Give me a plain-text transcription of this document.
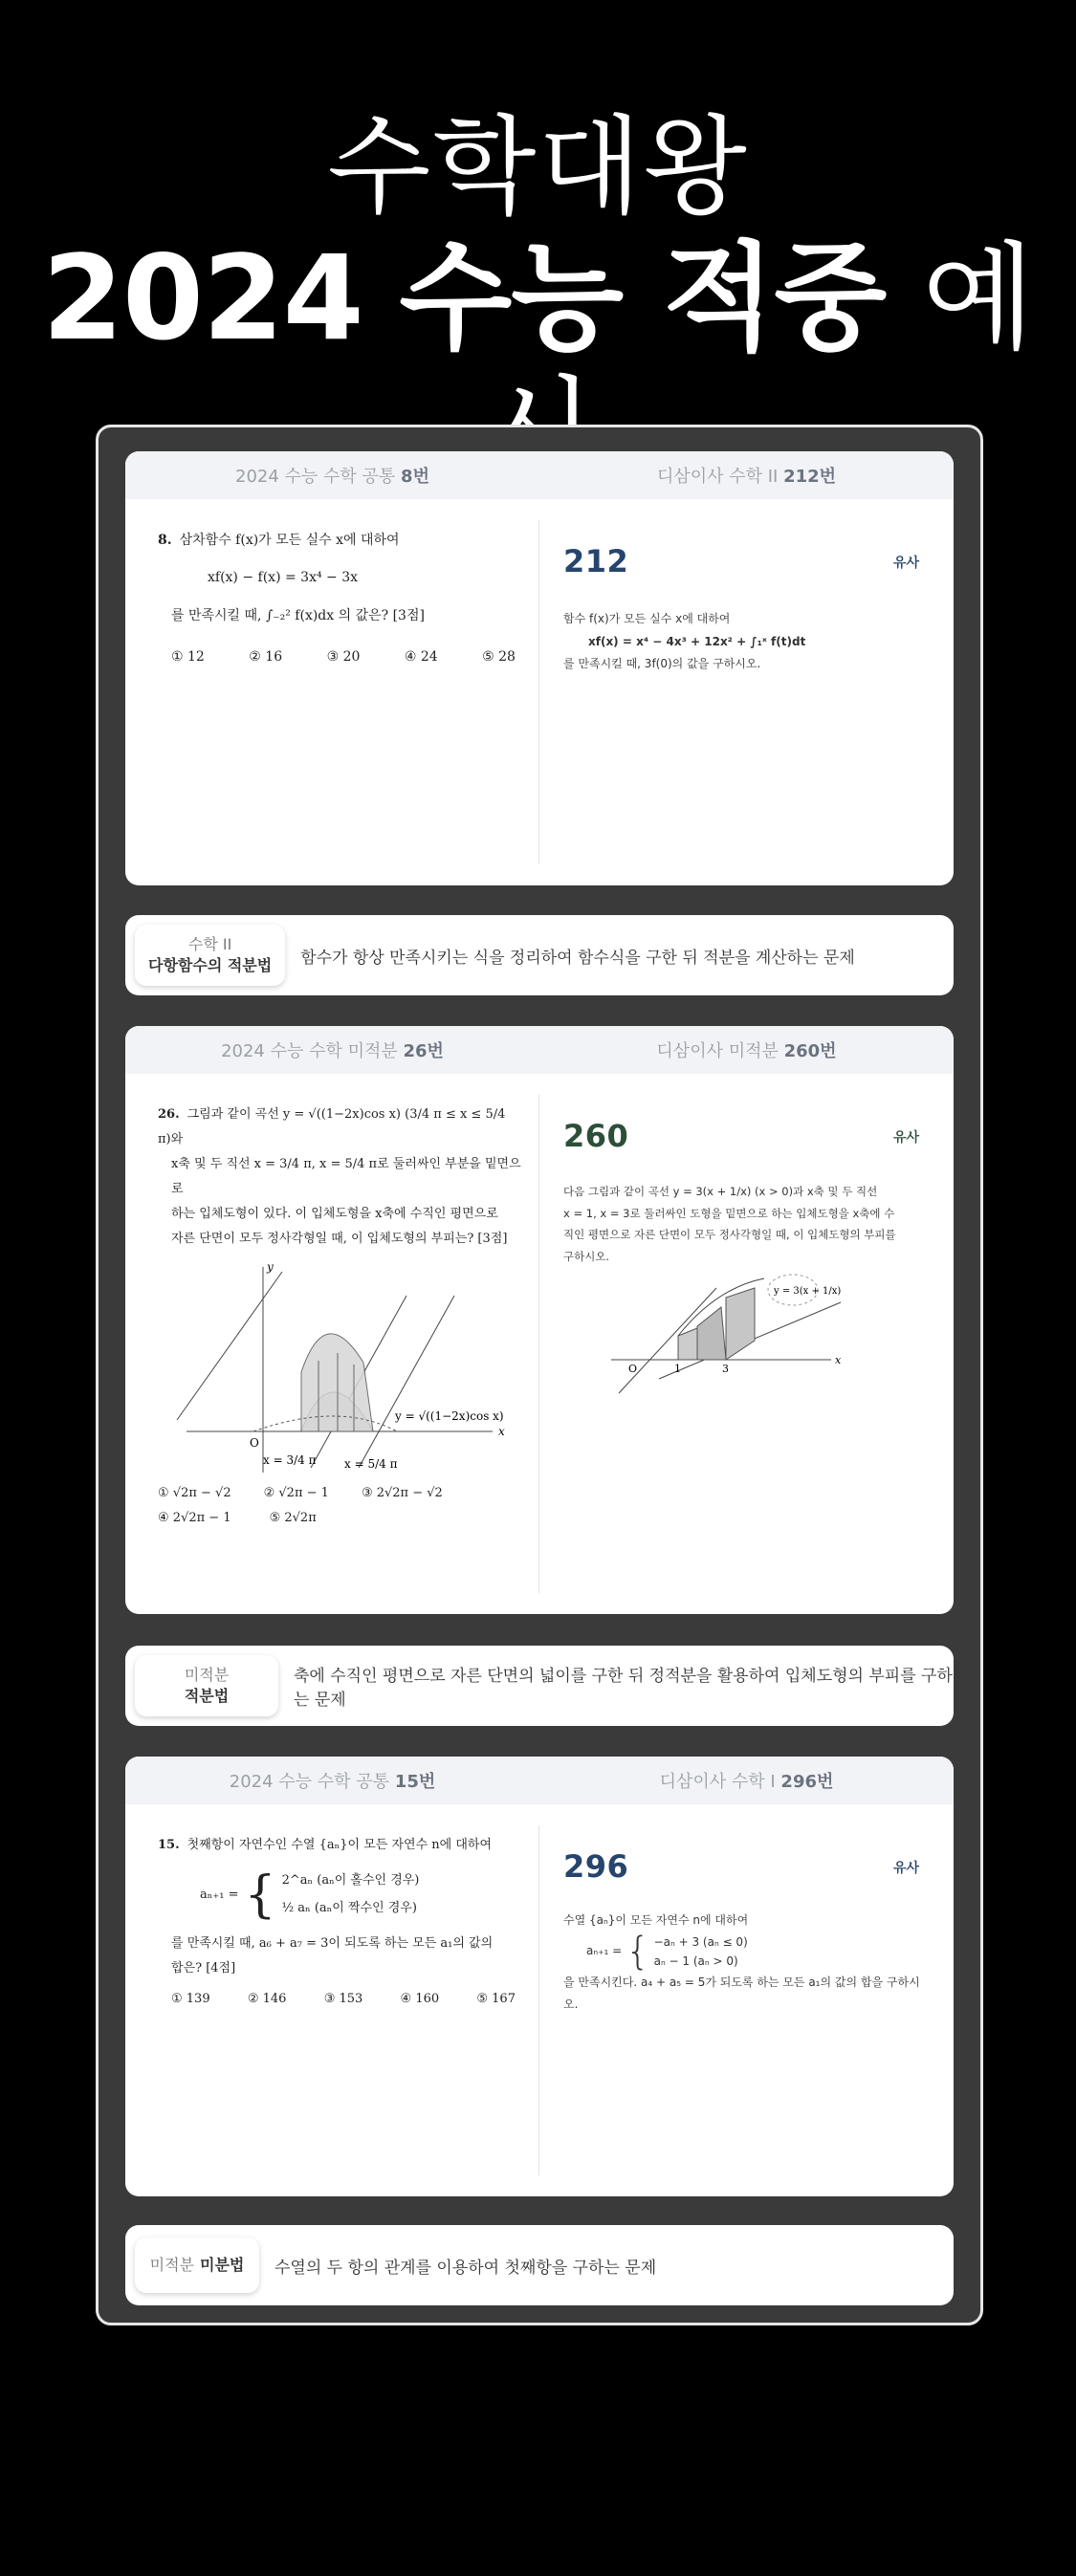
수학대왕
2024 수능 적중 예
2024 수능 수학 공통 8번	디삼이사 수학 II 212번
8. 삼차함수 f(x)가 모든 실수 x에 대하여
xf(x) − f(x) = 3x⁴ − 3x
를 만족시킬 때, ∫₋₂² f(x)dx 의 값은? [3점]
① 12	② 16	③ 20	④ 24	⑤ 28
212	유사
함수 f(x)가 모든 실수 x에 대하여
xf(x) = x⁴ − 4x³ + 12x² + ∫₁ˣ f(t)dt
를 만족시킬 때, 3f(0)의 값을 구하시오.
수학 II
다항함수의 적분법 함수가 항상 만족시키는 식을 정리하여 함수식을 구한 뒤 적분을 계산하는 문제
2024 수능 수학 미적분 26번	디삼이사 미적분 260번
26. 그림과 같이 곡선 y = √((1−2x)cos x) (3/4 π ≤ x ≤ 5/4 π)와
x축 및 두 직선 x = 3/4 π, x = 5/4 π로 둘러싸인 부분을 밑면으로
하는 입체도형이 있다. 이 입체도형을 x축에 수직인 평면으로
자른 단면이 모두 정사각형일 때, 이 입체도형의 부피는? [3점]
y = √((1−2x)cos x)
x
y
O
x = 3/4 π x = 5/4 π
① √2π − √2	② √2π − 1	③ 2√2π − √2
④ 2√2π − 1	⑤ 2√2π
260	유사
다음 그림과 같이 곡선 y = 3(x + 1/x) (x > 0)과 x축 및 두 직선
x = 1, x = 3로 둘러싸인 도형을 밑면으로 하는 입체도형을 x축에 수
직인 평면으로 자른 단면이 모두 정사각형일 때, 이 입체도형의 부피를
구하시오.
y = 3(x + 1/x)
O	1	3
x
미적분
적분법
축에 수직인 평면으로 자른 단면의 넓이를 구한 뒤 정적분을 활용하여 입체도형의 부피를 구하는 문제
2024 수능 수학 공통 15번	디삼이사 수학 I 296번
15. 첫째항이 자연수인 수열 {aₙ}이 모든 자연수 n에 대하여
aₙ₊₁ = { 2^aₙ (aₙ이 홀수인 경우)
½ aₙ (aₙ이 짝수인 경우)
를 만족시킬 때, a₆ + a₇ = 3이 되도록 하는 모든 a₁의 값의
합은? [4점]
① 139	② 146	③ 153	④ 160	⑤ 167
296	유사
수열 {aₙ}이 모든 자연수 n에 대하여
aₙ₊₁ = { −aₙ + 3 (aₙ ≤ 0)
aₙ − 1 (aₙ > 0)
을 만족시킨다. a₄ + a₅ = 5가 되도록 하는 모든 a₁의 값의 합을 구하시
오.
미적분 미분법 수열의 두 항의 관계를 이용하여 첫째항을 구하는 문제
